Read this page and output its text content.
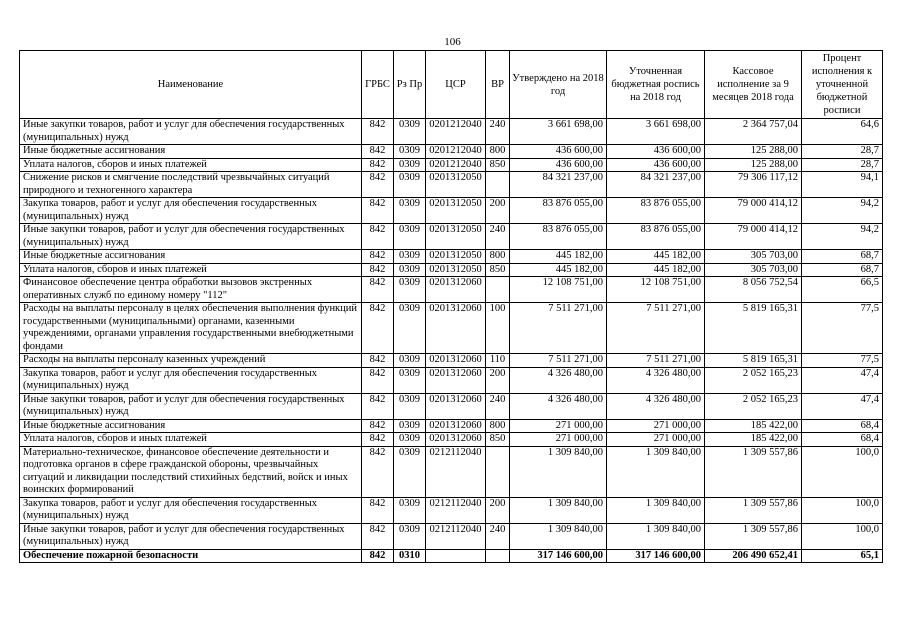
106
Наименование	ГРБС	Рз Пр	ЦСР	ВР	Утверждено на 2018 год	Уточненная бюджетная роспись на 2018 год	Кассовое исполнение за 9 месяцев 2018 года	Процент исполнения к уточненной бюджетной росписи
Иные закупки товаров, работ и услуг для обеспечения государственных (муниципальных) нужд	842	0309	0201212040	240	3 661 698,00	3 661 698,00	2 364 757,04	64,6
Иные бюджетные ассигнования	842	0309	0201212040	800	436 600,00	436 600,00	125 288,00	28,7
Уплата налогов, сборов и иных платежей	842	0309	0201212040	850	436 600,00	436 600,00	125 288,00	28,7
Снижение рисков и смягчение последствий чрезвычайных ситуаций природного и техногенного характера	842	0309	020131205​0		84 321 237,00	84 321 237,00	79 306 117,12	94,1
Закупка товаров, работ и услуг для обеспечения государственных (муниципальных) нужд	842	0309	0201312050	200	83 876 055,00	83 876 055,00	79 000 414,12	94,2
Иные закупки товаров, работ и услуг для обеспечения государственных (муниципальных) нужд	842	0309	0201312050	240	83 876 055,00	83 876 055,00	79 000 414,12	94,2
Иные бюджетные ассигнования	842	0309	0201312050	800	445 182,00	445 182,00	305 703,00	68,7
Уплата налогов, сборов и иных платежей	842	0309	0201312050	850	445 182,00	445 182,00	305 703,00	68,7
Финансовое обеспечение центра обработки вызовов экстренных оперативных служб по единому номеру "112"	842	0309	0201312060		12 108 751,00	12 108 751,00	8 056 752,54	66,5
Расходы на выплаты персоналу в целях обеспечения выполнения функций государственными (муниципальными) органами, казенными учреждениями, органами управления государственными внебюджетными фондами	842	0309	0201312060	100	7 511 271,00	7 511 271,00	5 819 165,31	77,5
Расходы на выплаты персоналу казенных учреждений	842	0309	0201312060	110	7 511 271,00	7 511 271,00	5 819 165,31	77,5
Закупка товаров, работ и услуг для обеспечения государственных (муниципальных) нужд	842	0309	0201312060	200	4 326 480,00	4 326 480,00	2 052 165,23	47,4
Иные закупки товаров, работ и услуг для обеспечения государственных (муниципальных) нужд	842	0309	0201312060	240	4 326 480,00	4 326 480,00	2 052 165,23	47,4
Иные бюджетные ассигнования	842	0309	0201312060	800	271 000,00	271 000,00	185 422,00	68,4
Уплата налогов, сборов и иных платежей	842	0309	0201312060	850	271 000,00	271 000,00	185 422,00	68,4
Материально-техническое, финансовое обеспечение деятельности и подготовка органов в сфере гражданской обороны, чрезвычайных ситуаций и ликвидации последствий стихийных бедствий, войск и иных воинских формирований	842	0309	0212112040		1 309 840,00	1 309 840,00	1 309 557,86	100,0
Закупка товаров, работ и услуг для обеспечения государственных (муниципальных) нужд	842	0309	0212112040	200	1 309 840,00	1 309 840,00	1 309 557,86	100,0
Иные закупки товаров, работ и услуг для обеспечения государственных (муниципальных) нужд	842	0309	0212112040	240	1 309 840,00	1 309 840,00	1 309 557,86	100,0
Обеспечение пожарной безопасности	842	0310			317 146 600,00	317 146 600,00	206 490 652,41	65,1
